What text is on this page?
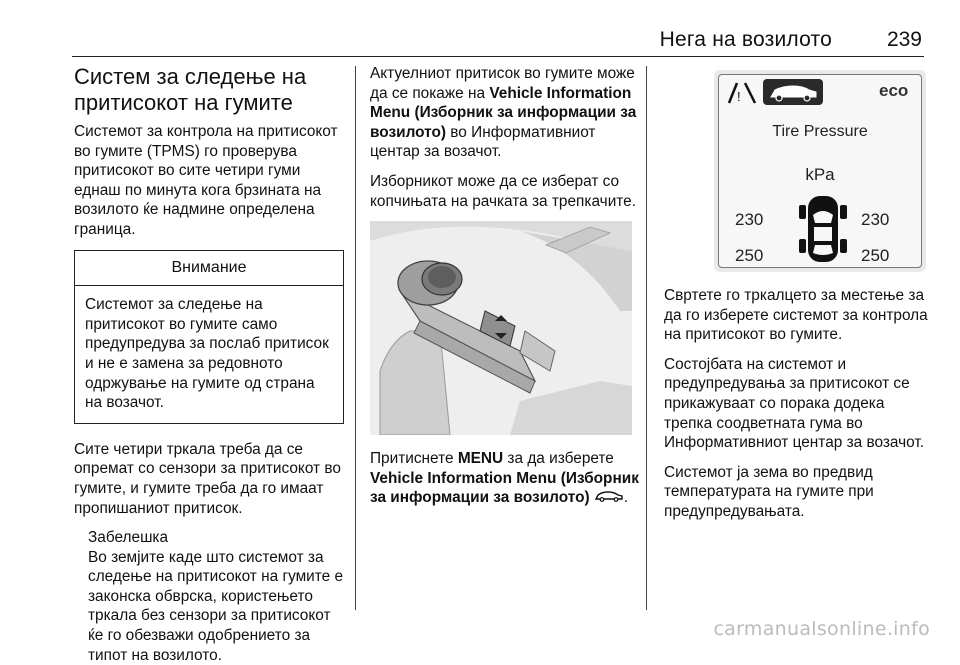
Нега на возилото	239
Систем за следење на притисокот на гумите

Системот за контрола на притисокот во гумите (TPMS) го проверува притисокот во сите четири гуми еднаш по минута кога брзината на возилото ќе надмине определена граница.

Внимание
Системот за следење на притисокот во гумите само предупредува за послаб притисок и не е замена за редовното одржување на гумите од страна на возачот.

Сите четири тркала треба да се опремат со сензори за притисокот во гумите, и гумите треба да го имаат пропишаниот притисок.

Забелешка
Во земјите каде што системот за следење на притисокот на гумите е законска обврска, користењето тркала без сензори за притисокот ќе го обезважи одобрението за типот на возилото.

Актуелниот притисок во гумите може да се покаже на Vehicle Information Menu (Изборник за информации за возилото) во Информативниот центар за возачот.

Изборникот може да се изберат со копчињата на рачката за трепкачите.

Притиснете MENU за да изберете Vehicle Information Menu (Изборник за информации за возилото) .

!	eco
Tire Pressure
kPa
230	230
250	250

Свртете го тркалцето за местење за да го изберете системот за контрола на притисокот во гумите.

Состојбата на системот и предупредувања за притисокот се прикажуваат со порака додека трепка соодветната гума во Информативниот центар за возачот.

Системот ја зема во предвид температурата на гумите при предупредувањата.

carmanualsonline.info
